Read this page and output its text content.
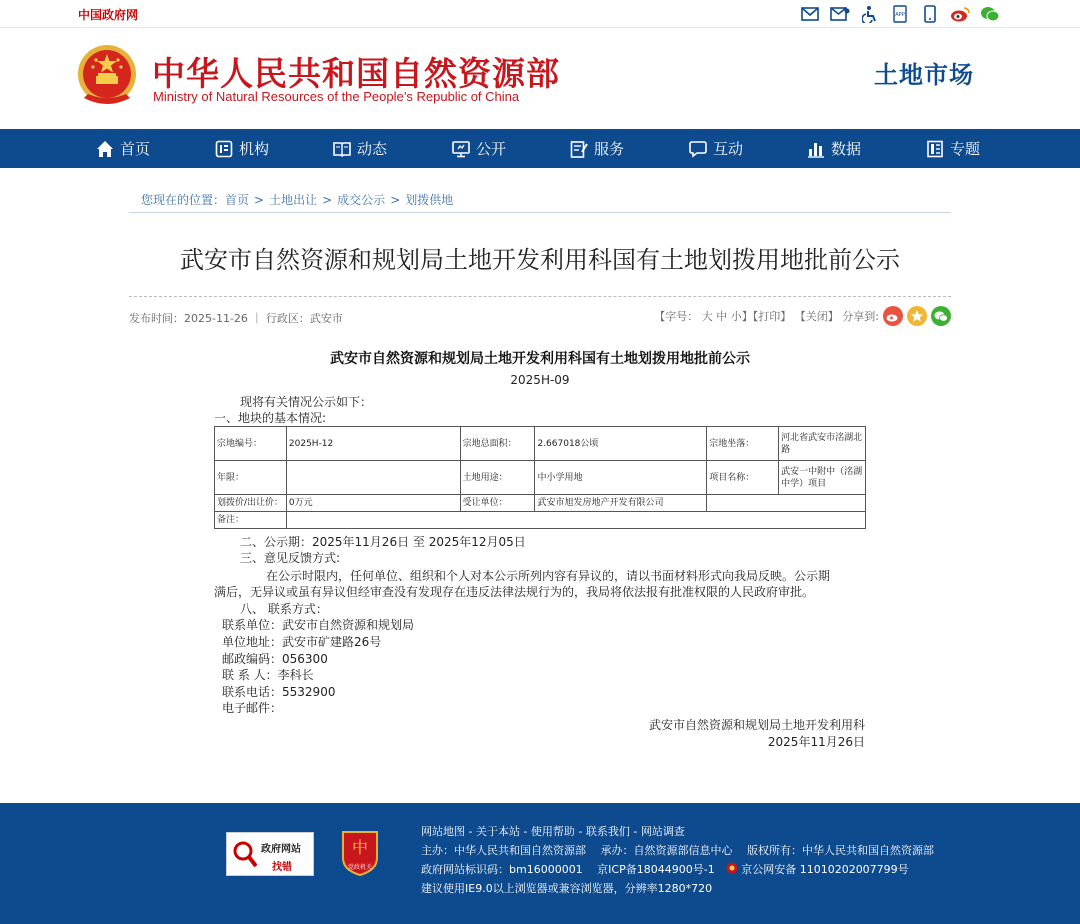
中国政府网	APP
中华人民共和国自然资源部
Ministry of Natural Resources of the People’s Republic of China
土地市场
首页	机构	动态	公开	服务	互动	数据	专题
您现在的位置：首页 > 土地出让 > 成交公示 > 划拨供地
武安市自然资源和规划局土地开发利用科国有土地划拨用地批前公示
发布时间：2025-11-26 ｜ 行政区：武安市	【字号： 大 中 小】【打印】 【关闭】 分享到:
武安市自然资源和规划局土地开发利用科国有土地划拨用地批前公示
2025H-09
现将有关情况公示如下：
一、地块的基本情况:
宗地编号：	2025H-12	宗地总面积：	2.667018公顷	宗地坐落：	河北省武安市洺湖北路
年限：		土地用途：	中小学用地	项目名称：	武安一中附中（洺湖中学）项目
划拨价/出让价：	0万元	受让单位：	武安市旭发房地产开发有限公司		
备注：					
二、公示期：2025年11月26日 至 2025年12月05日
三、意见反馈方式:
在公示时限内，任何单位、组织和个人对本公示所列内容有异议的，请以书面材料形式向我局反映。公示期
满后，无异议或虽有异议但经审查没有发现存在违反法律法规行为的，我局将依法报有批准权限的人民政府审批。
八、 联系方式：
联系单位：武安市自然资源和规划局
单位地址：武安市矿建路26号
邮政编码：056300
联 系 人：李科长
联系电话：5532900
电子邮件：
武安市自然资源和规划局土地开发利用科
2025年11月26日
政府网站
找错
中
党政机关
网站地图 - 关于本站 - 使用帮助 - 联系我们 - 网站调查
主办：中华人民共和国自然资源部　 承办：自然资源部信息中心　 版权所有：中华人民共和国自然资源部
政府网站标识码：bm16000001　 京ICP备18044900号-1　 京公网安备 11010202007799号
建议使用IE9.0以上浏览器或兼容浏览器，分辨率1280*720
